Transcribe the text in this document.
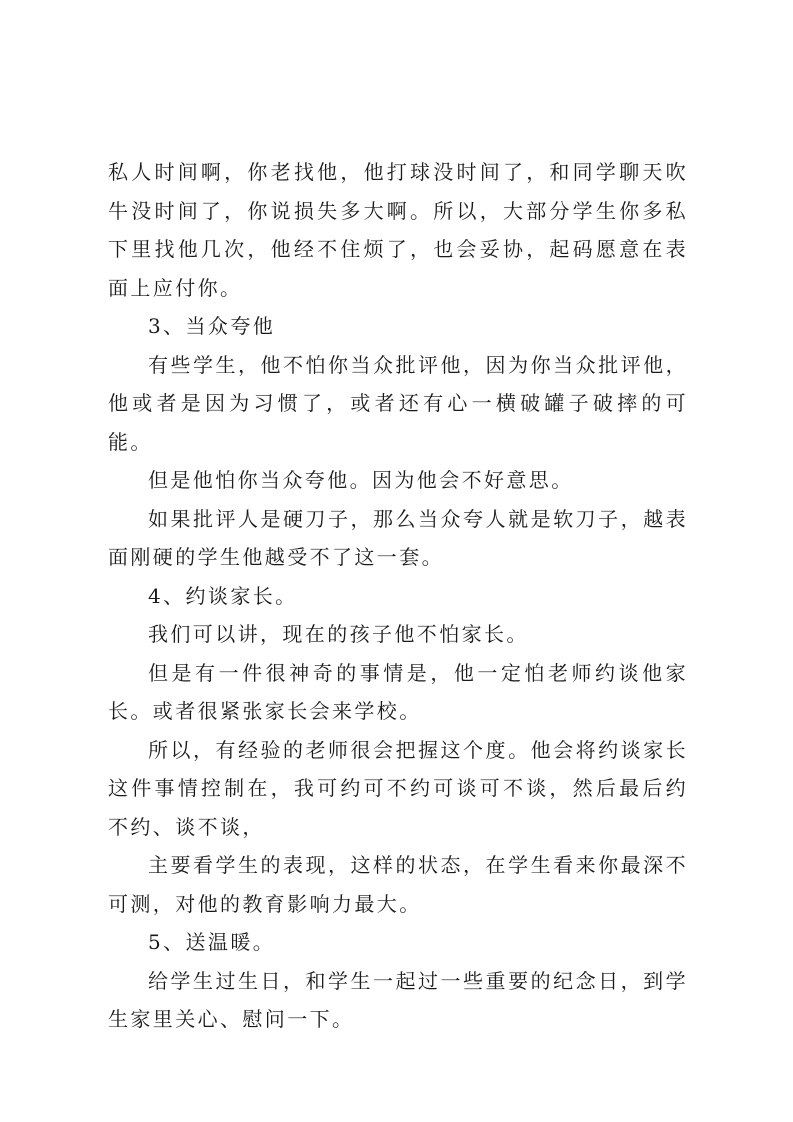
私人时间啊，你老找他，他打球没时间了，和同学聊天吹牛没时间了，你说损失多大啊。所以，大部分学生你多私下里找他几次，他经不住烦了，也会妥协，起码愿意在表面上应付你。

3、当众夸他

有些学生，他不怕你当众批评他，因为你当众批评他，他或者是因为习惯了，或者还有心一横破罐子破摔的可能。

但是他怕你当众夸他。因为他会不好意思。

如果批评人是硬刀子，那么当众夸人就是软刀子，越表面刚硬的学生他越受不了这一套。

4、约谈家长。

我们可以讲，现在的孩子他不怕家长。

但是有一件很神奇的事情是，他一定怕老师约谈他家长。或者很紧张家长会来学校。

所以，有经验的老师很会把握这个度。他会将约谈家长这件事情控制在，我可约可不约可谈可不谈，然后最后约不约、谈不谈，

主要看学生的表现，这样的状态，在学生看来你最深不可测，对他的教育影响力最大。

5、送温暖。

给学生过生日，和学生一起过一些重要的纪念日，到学生家里关心、慰问一下。
